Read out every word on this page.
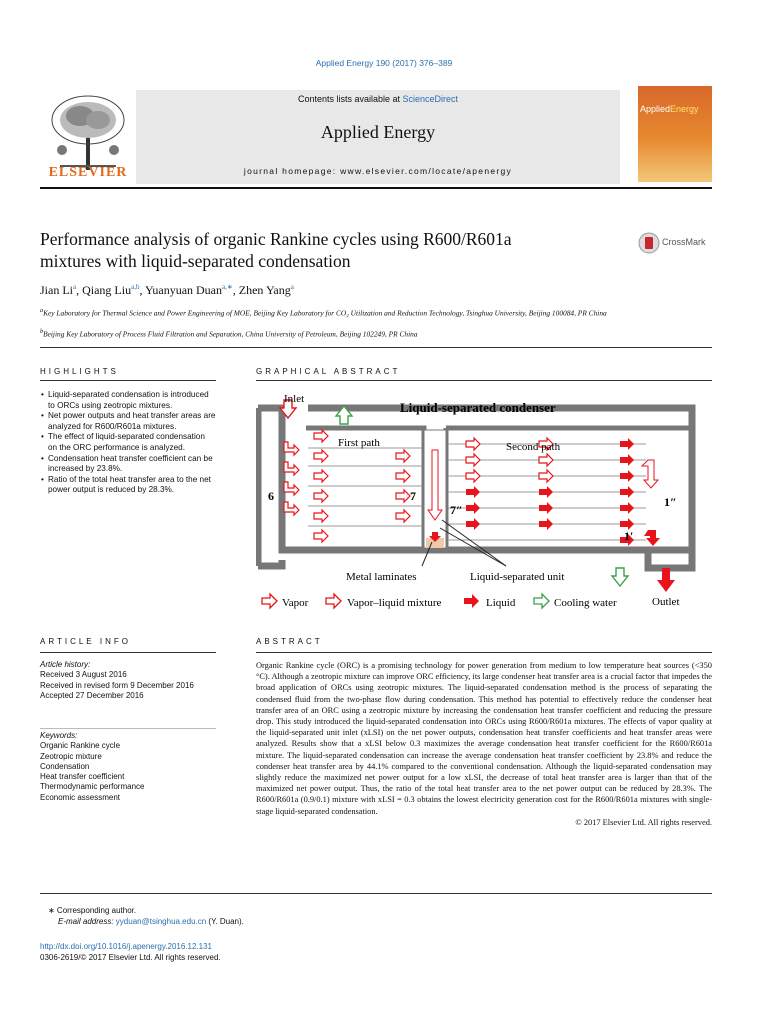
Applied Energy 190 (2017) 376–389
ELSEVIER
Contents lists available at ScienceDirect
Applied Energy
journal homepage: www.elsevier.com/locate/apenergy
AppliedEnergy
Performance analysis of organic Rankine cycles using R600/R601a
mixtures with liquid-separated condensation
CrossMark
Jian Li$^a$, Qiang Liu$^{a,b}$, Yuanyuan Duan$^{a,∗}$, Zhen Yang$^a$
$^a$Key Laboratory for Thermal Science and Power Engineering of MOE, Beijing Key Laboratory for CO₂ Utilization and Reduction Technology, Tsinghua University, Beijing 100084, PR China
$^b$Beijing Key Laboratory of Process Fluid Filtration and Separation, China University of Petroleum, Beijing 102249, PR China
HIGHLIGHTS
• Liquid-separated condensation is introduced to ORCs using zeotropic mixtures.
• Net power outputs and heat transfer areas are analyzed for R600/R601a mixtures.
• The effect of liquid-separated condensation on the ORC performance is analyzed.
• Condensation heat transfer coefficient can be increased by 23.8%.
• Ratio of the total heat transfer area to the net power output is reduced by 28.3%.
GRAPHICAL ABSTRACT
Inlet
Liquid-separated condenser
First path	Second path
6	7
7″
1″
1′
Metal laminates	Liquid-separated unit
Outlet
Vapor	Vapor–liquid mixture	Liquid	Cooling water
ARTICLE INFO
Article history:
Received 3 August 2016
Received in revised form 9 December 2016
Accepted 27 December 2016
Keywords:
Organic Rankine cycle
Zeotropic mixture
Condensation
Heat transfer coefficient
Thermodynamic performance
Economic assessment
ABSTRACT
Organic Rankine cycle (ORC) is a promising technology for power generation from medium to low temperature heat sources (<350 °C). Although a zeotropic mixture can improve ORC efficiency, its large condenser heat transfer area is a crucial factor that impedes the broad application of ORCs using zeotropic mixtures. The liquid-separated condensation method is the process of separating the condensed fluid from the two-phase flow during condensation. This method has potential to effectively reduce the condenser heat transfer area of an ORC using a zeotropic mixture by increasing the condensation heat transfer coefficient and reducing the pressure drop. This study introduced the liquid-separated condensation into ORCs using R600/R601a mixtures. The effects of vapor quality at the liquid-separated unit inlet (xLSI) on the net power outputs, condensation heat transfer coefficients and heat transfer areas were analyzed. Results show that a xLSI below 0.3 maximizes the average condensation heat transfer coefficient for the R600/R601a mixture. The liquid-separated condensation can increase the average condensation heat transfer coefficient by 23.8% and reduce the condenser heat transfer area by 44.1% compared to the conventional condensation. Although the liquid-separated condensation may slightly reduce the maximized net power output for a low xLSI, the decrease of total heat transfer area is larger than that of the maximized net power output. Thus, the ratio of the total heat transfer area to the net power output can be reduced by 28.3%. The R600/R601a (0.9/0.1) mixture with xLSI = 0.3 obtains the lowest electricity generation cost for the R600/R601a mixtures with single-stage liquid-separated condensation.
© 2017 Elsevier Ltd. All rights reserved.
∗ Corresponding author.
E-mail address: yyduan@tsinghua.edu.cn (Y. Duan).
http://dx.doi.org/10.1016/j.apenergy.2016.12.131
0306-2619/© 2017 Elsevier Ltd. All rights reserved.
